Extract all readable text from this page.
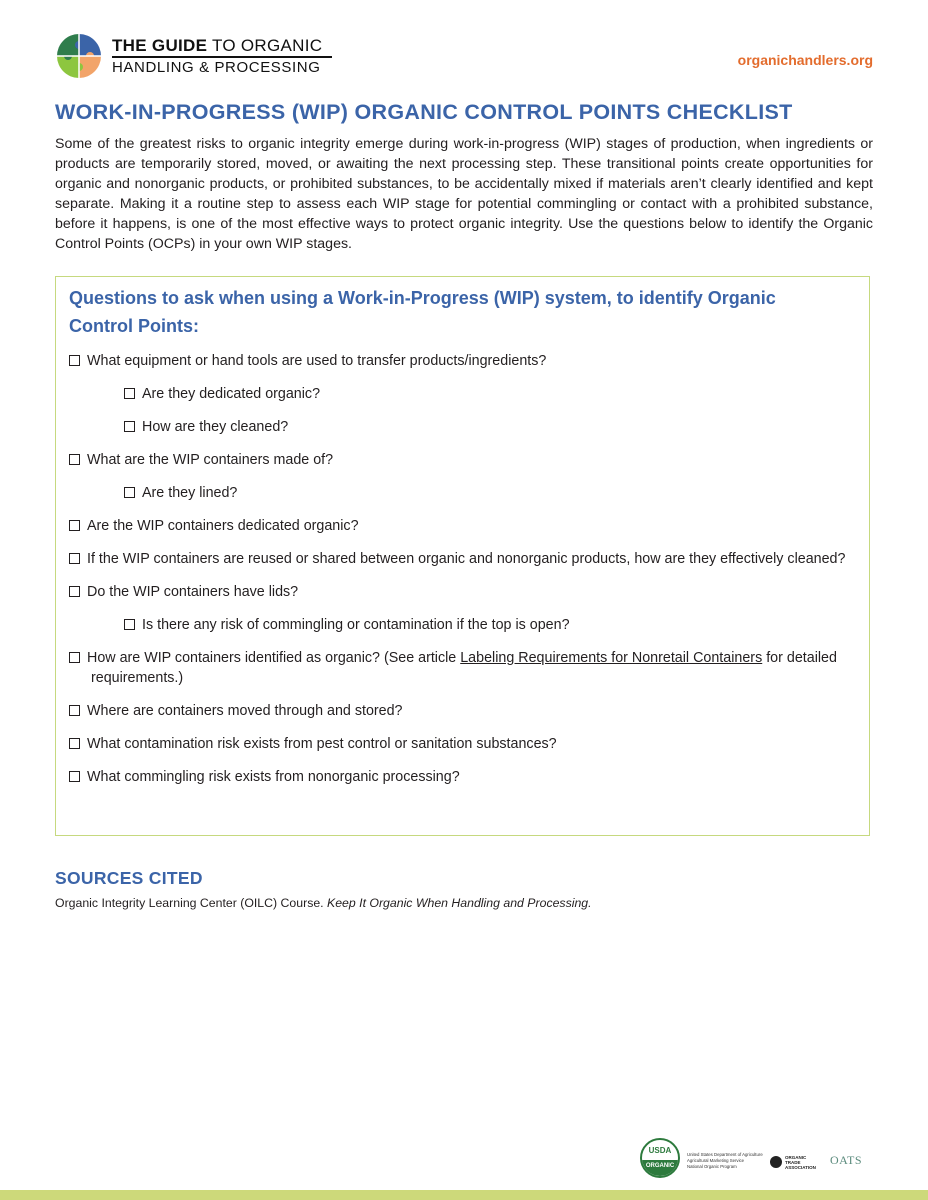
THE GUIDE TO ORGANIC
HANDLING & PROCESSING	organichandlers.org
WORK-IN-PROGRESS (WIP) ORGANIC CONTROL POINTS CHECKLIST

Some of the greatest risks to organic integrity emerge during work-in-progress (WIP) stages of production, when ingredients or products are temporarily stored, moved, or awaiting the next processing step. These transitional points create opportunities for organic and nonorganic products, or prohibited substances, to be accidentally mixed if materials aren’t clearly identified and kept separate. Making it a routine step to assess each WIP stage for potential commingling or contact with a prohibited substance, before it happens, is one of the most effective ways to protect organic integrity. Use the questions below to identify the Organic Control Points (OCPs) in your own WIP stages.

Questions to ask when using a Work-in-Progress (WIP) system, to identify Organic Control Points:
What equipment or hand tools are used to transfer products/ingredients?
Are they dedicated organic?
How are they cleaned?
What are the WIP containers made of?
Are they lined?
Are the WIP containers dedicated organic?
If the WIP containers are reused or shared between organic and nonorganic products, how are they effectively cleaned?
Do the WIP containers have lids?
Is there any risk of commingling or contamination if the top is open?
How are WIP containers identified as organic? (See article Labeling Requirements for Nonretail Containers for detailed requirements.)
Where are containers moved through and stored?
What contamination risk exists from pest control or sanitation substances?
What commingling risk exists from nonorganic processing?
SOURCES CITED
Organic Integrity Learning Center (OILC) Course. Keep It Organic When Handling and Processing.
USDA
ORGANIC
United States Department of Agriculture
Agricultural Marketing Service
National Organic Program
ORGANIC
TRADE
ASSOCIATION
OATS
